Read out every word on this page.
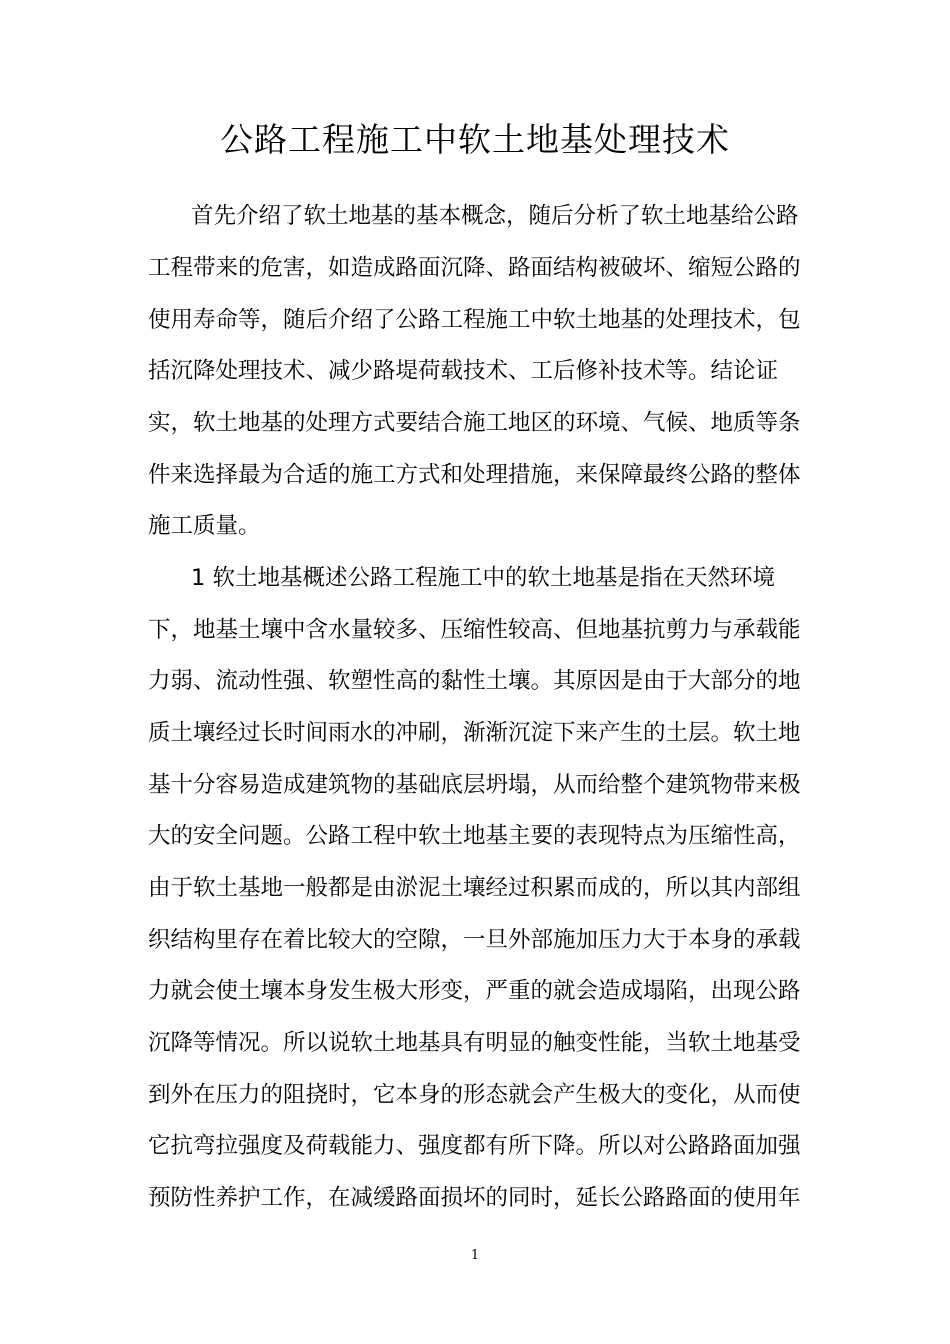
公路工程施工中软土地基处理技术
首先介绍了软土地基的基本概念，随后分析了软土地基给公路
工程带来的危害，如造成路面沉降、路面结构被破坏、缩短公路的
使用寿命等，随后介绍了公路工程施工中软土地基的处理技术，包
括沉降处理技术、减少路堤荷载技术、工后修补技术等。结论证
实，软土地基的处理方式要结合施工地区的环境、气候、地质等条
件来选择最为合适的施工方式和处理措施，来保障最终公路的整体
施工质量。
1 软土地基概述公路工程施工中的软土地基是指在天然环境
下，地基土壤中含水量较多、压缩性较高、但地基抗剪力与承载能
力弱、流动性强、软塑性高的黏性土壤。其原因是由于大部分的地
质土壤经过长时间雨水的冲刷，渐渐沉淀下来产生的土层。软土地
基十分容易造成建筑物的基础底层坍塌，从而给整个建筑物带来极
大的安全问题。公路工程中软土地基主要的表现特点为压缩性高，
由于软土基地一般都是由淤泥土壤经过积累而成的，所以其内部组
织结构里存在着比较大的空隙，一旦外部施加压力大于本身的承载
力就会使土壤本身发生极大形变，严重的就会造成塌陷，出现公路
沉降等情况。所以说软土地基具有明显的触变性能，当软土地基受
到外在压力的阻挠时，它本身的形态就会产生极大的变化，从而使
它抗弯拉强度及荷载能力、强度都有所下降。所以对公路路面加强
预防性养护工作，在减缓路面损坏的同时，延长公路路面的使用年
1
